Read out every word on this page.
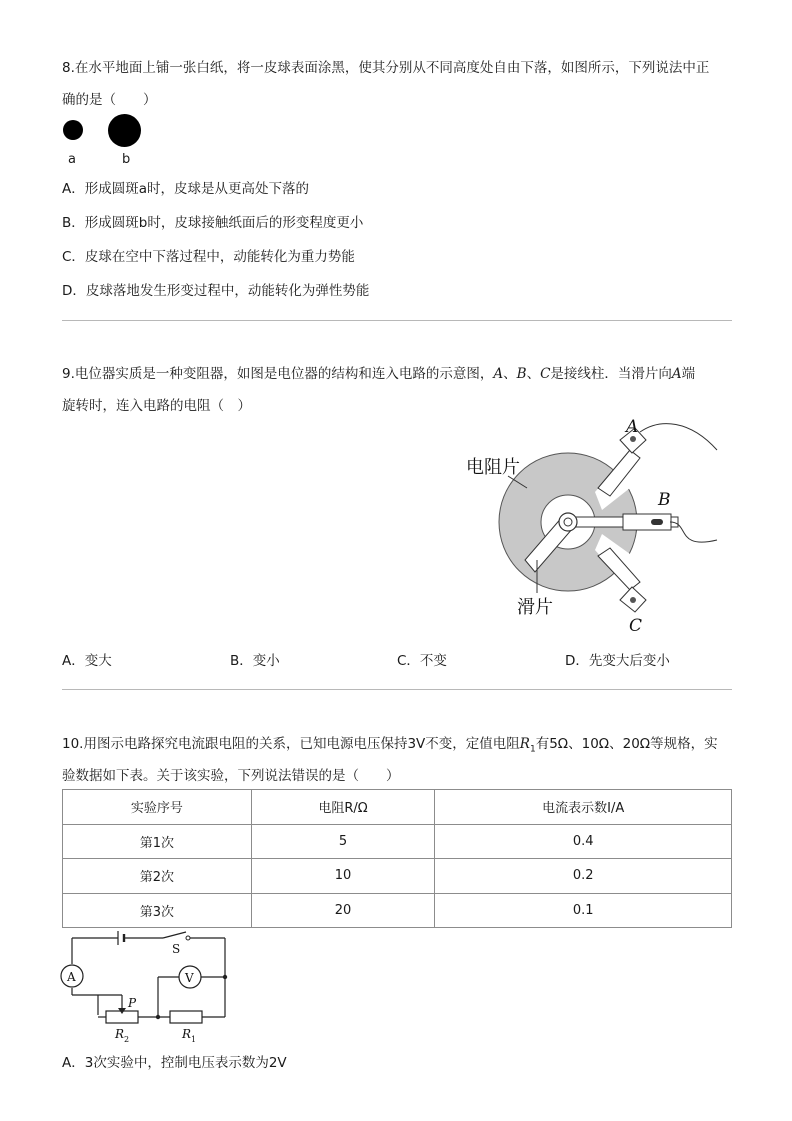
8.在水平地面上铺一张白纸，将一皮球表面涂黑，使其分别从不同高度处自由下落，如图所示，下列说法中正
确的是（　　）
a	b
A．形成圆斑a时，皮球是从更高处下落的
B．形成圆斑b时，皮球接触纸面后的形变程度更小
C．皮球在空中下落过程中，动能转化为重力势能
D．皮球落地发生形变过程中，动能转化为弹性势能
9.电位器实质是一种变阻器，如图是电位器的结构和连入电路的示意图，A、B、C是接线柱．当滑片向A端
旋转时，连入电路的电阻（　）
电阻片
滑片
A
B
C
A．变大	B．变小	C．不变	D．先变大后变小
10.用图示电路探究电流跟电阻的关系，已知电源电压保持3V不变，定值电阻$R_1$有5Ω、10Ω、20Ω等规格，实
验数据如下表。关于该实验，下列说法错误的是（　　）
实验序号	电阻R/Ω	电流表示数I/A
第1次	5	0.4
第2次	10	0.2
第3次	20	0.1
A	V
S
P
R 2	R 1
A．3次实验中，控制电压表示数为2V
